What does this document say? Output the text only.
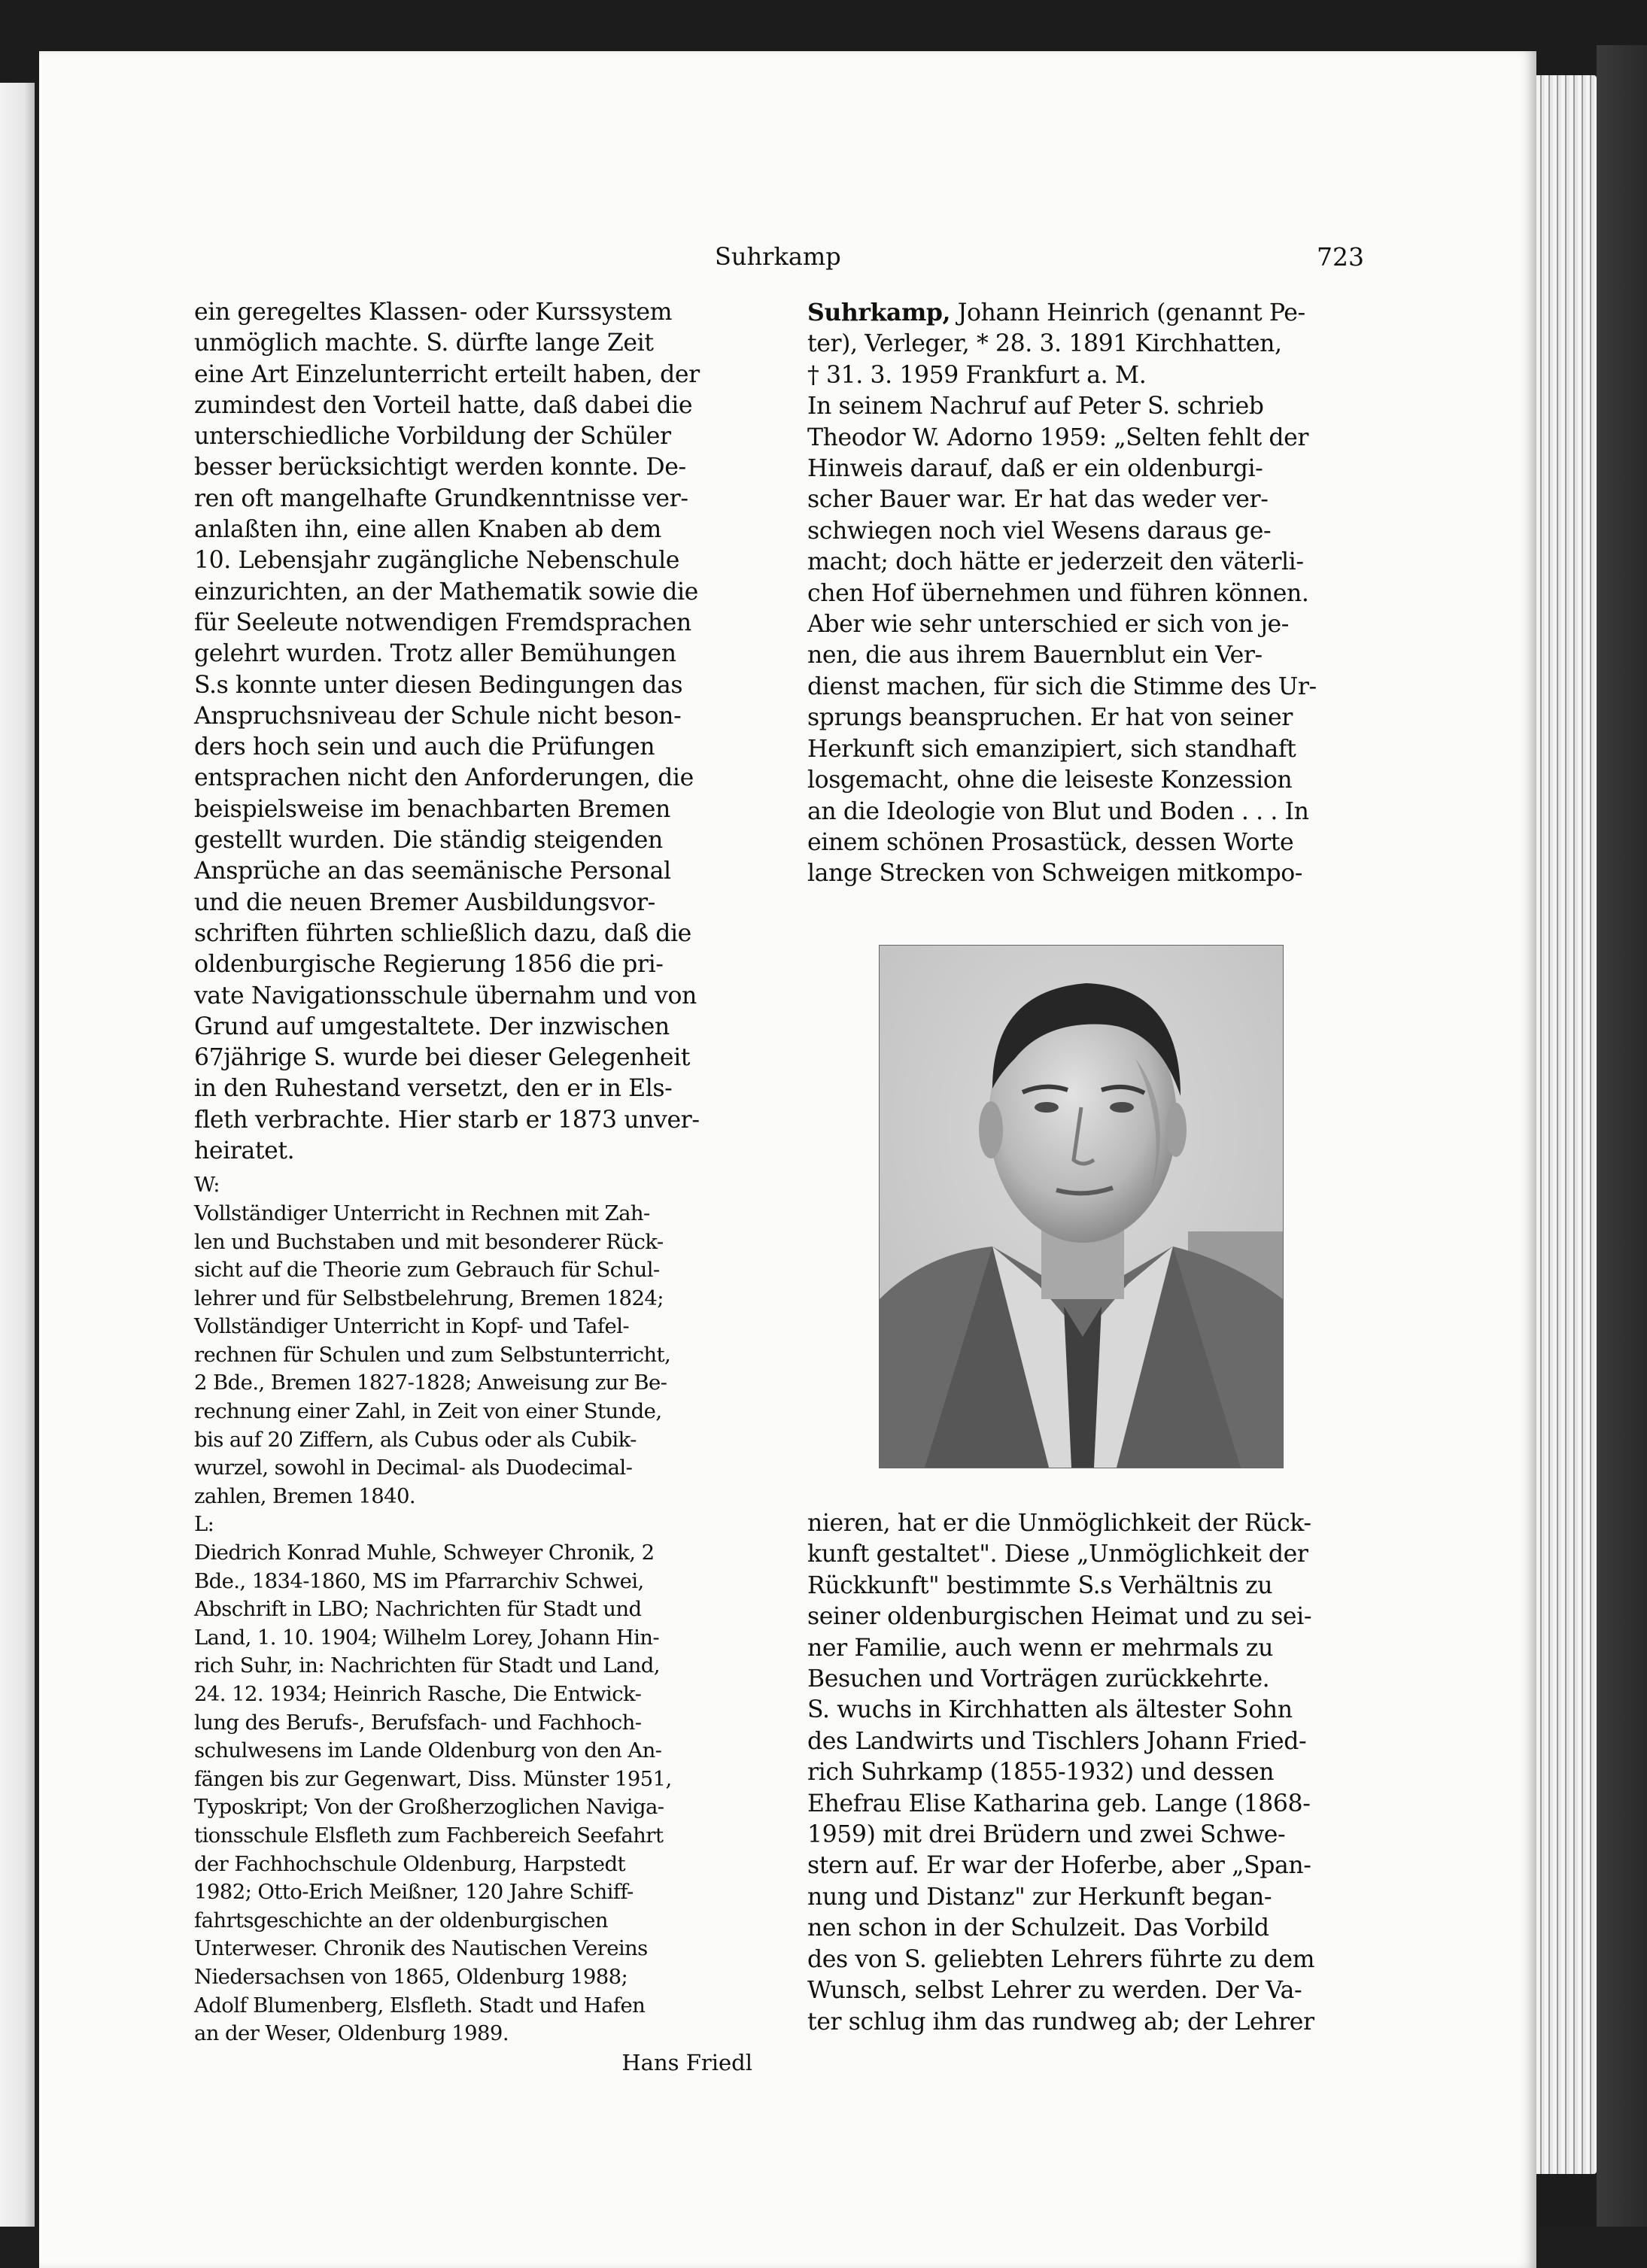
Suhrkamp	723
ein geregeltes Klassen- oder Kurssystem
unmöglich machte. S. dürfte lange Zeit
eine Art Einzelunterricht erteilt haben, der
zumindest den Vorteil hatte, daß dabei die
unterschiedliche Vorbildung der Schüler
besser berücksichtigt werden konnte. De-
ren oft mangelhafte Grundkenntnisse ver-
anlaßten ihn, eine allen Knaben ab dem
10. Lebensjahr zugängliche Nebenschule
einzurichten, an der Mathematik sowie die
für Seeleute notwendigen Fremdsprachen
gelehrt wurden. Trotz aller Bemühungen
S.s konnte unter diesen Bedingungen das
Anspruchsniveau der Schule nicht beson-
ders hoch sein und auch die Prüfungen
entsprachen nicht den Anforderungen, die
beispielsweise im benachbarten Bremen
gestellt wurden. Die ständig steigenden
Ansprüche an das seemänische Personal
und die neuen Bremer Ausbildungsvor-
schriften führten schließlich dazu, daß die
oldenburgische Regierung 1856 die pri-
vate Navigationsschule übernahm und von
Grund auf umgestaltete. Der inzwischen
67jährige S. wurde bei dieser Gelegenheit
in den Ruhestand versetzt, den er in Els-
fleth verbrachte. Hier starb er 1873 unver-
heiratet.
W:
Vollständiger Unterricht in Rechnen mit Zah-
len und Buchstaben und mit besonderer Rück-
sicht auf die Theorie zum Gebrauch für Schul-
lehrer und für Selbstbelehrung, Bremen 1824;
Vollständiger Unterricht in Kopf- und Tafel-
rechnen für Schulen und zum Selbstunterricht,
2 Bde., Bremen 1827-1828; Anweisung zur Be-
rechnung einer Zahl, in Zeit von einer Stunde,
bis auf 20 Ziffern, als Cubus oder als Cubik-
wurzel, sowohl in Decimal- als Duodecimal-
zahlen, Bremen 1840.
L:
Diedrich Konrad Muhle, Schweyer Chronik, 2
Bde., 1834-1860, MS im Pfarrarchiv Schwei,
Abschrift in LBO; Nachrichten für Stadt und
Land, 1. 10. 1904; Wilhelm Lorey, Johann Hin-
rich Suhr, in: Nachrichten für Stadt und Land,
24. 12. 1934; Heinrich Rasche, Die Entwick-
lung des Berufs-, Berufsfach- und Fachhoch-
schulwesens im Lande Oldenburg von den An-
fängen bis zur Gegenwart, Diss. Münster 1951,
Typoskript; Von der Großherzoglichen Naviga-
tionsschule Elsfleth zum Fachbereich Seefahrt
der Fachhochschule Oldenburg, Harpstedt
1982; Otto-Erich Meißner, 120 Jahre Schiff-
fahrtsgeschichte an der oldenburgischen
Unterweser. Chronik des Nautischen Vereins
Niedersachsen von 1865, Oldenburg 1988;
Adolf Blumenberg, Elsfleth. Stadt und Hafen
an der Weser, Oldenburg 1989.
Hans Friedl
Suhrkamp, Johann Heinrich (genannt Pe-
ter), Verleger, * 28. 3. 1891 Kirchhatten,
† 31. 3. 1959 Frankfurt a. M.
In seinem Nachruf auf Peter S. schrieb
Theodor W. Adorno 1959: „Selten fehlt der
Hinweis darauf, daß er ein oldenburgi-
scher Bauer war. Er hat das weder ver-
schwiegen noch viel Wesens daraus ge-
macht; doch hätte er jederzeit den väterli-
chen Hof übernehmen und führen können.
Aber wie sehr unterschied er sich von je-
nen, die aus ihrem Bauernblut ein Ver-
dienst machen, für sich die Stimme des Ur-
sprungs beanspruchen. Er hat von seiner
Herkunft sich emanzipiert, sich standhaft
losgemacht, ohne die leiseste Konzession
an die Ideologie von Blut und Boden . . . In
einem schönen Prosastück, dessen Worte
lange Strecken von Schweigen mitkompo-
nieren, hat er die Unmöglichkeit der Rück-
kunft gestaltet". Diese „Unmöglichkeit der
Rückkunft" bestimmte S.s Verhältnis zu
seiner oldenburgischen Heimat und zu sei-
ner Familie, auch wenn er mehrmals zu
Besuchen und Vorträgen zurückkehrte.
S. wuchs in Kirchhatten als ältester Sohn
des Landwirts und Tischlers Johann Fried-
rich Suhrkamp (1855-1932) und dessen
Ehefrau Elise Katharina geb. Lange (1868-
1959) mit drei Brüdern und zwei Schwe-
stern auf. Er war der Hoferbe, aber „Span-
nung und Distanz" zur Herkunft began-
nen schon in der Schulzeit. Das Vorbild
des von S. geliebten Lehrers führte zu dem
Wunsch, selbst Lehrer zu werden. Der Va-
ter schlug ihm das rundweg ab; der Lehrer
